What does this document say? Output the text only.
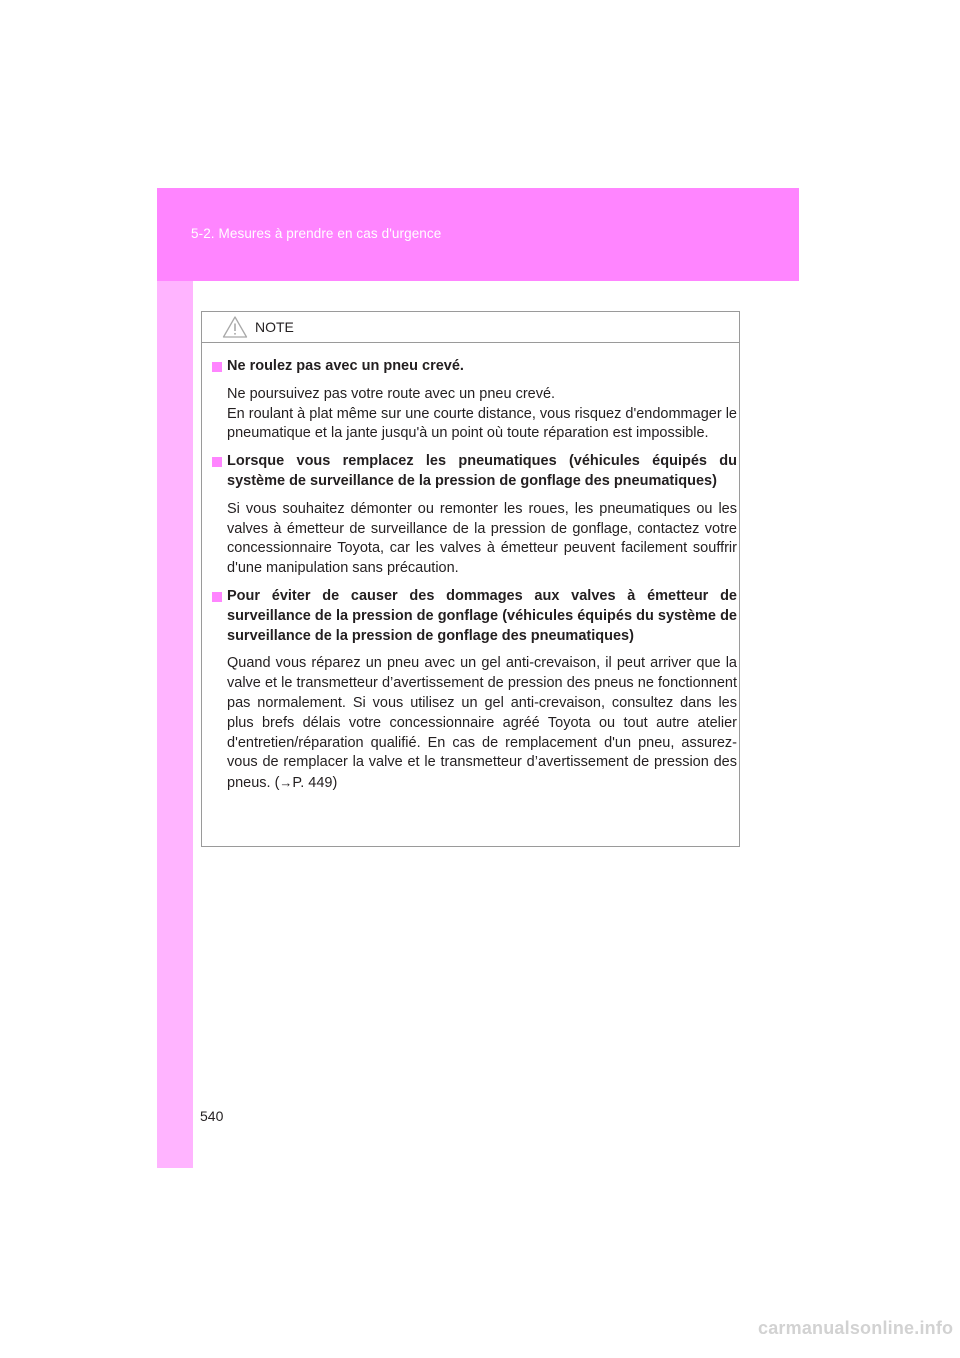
5-2. Mesures à prendre en cas d'urgence
NOTE
Ne roulez pas avec un pneu crevé.
Ne poursuivez pas votre route avec un pneu crevé.
En roulant à plat même sur une courte distance, vous risquez d'endommager le pneumatique et la jante jusqu'à un point où toute réparation est impossible.
Lorsque vous remplacez les pneumatiques (véhicules équipés du système de surveillance de la pression de gonflage des pneumatiques)
Si vous souhaitez démonter ou remonter les roues, les pneumatiques ou les valves à émetteur de surveillance de la pression de gonflage, contactez votre concessionnaire Toyota, car les valves à émetteur peuvent facilement souffrir d'une manipulation sans précaution.
Pour éviter de causer des dommages aux valves à émetteur de surveillance de la pression de gonflage (véhicules équipés du système de surveillance de la pression de gonflage des pneumatiques)
Quand vous réparez un pneu avec un gel anti-crevaison, il peut arriver que la valve et le transmetteur d’avertissement de pression des pneus ne fonctionnent pas normalement. Si vous utilisez un gel anti-crevaison, consultez dans les plus brefs délais votre concessionnaire agréé Toyota ou tout autre atelier d'entretien/réparation qualifié. En cas de remplacement d'un pneu, assurez-vous de remplacer la valve et le transmetteur d’avertissement de pression des pneus. (→P. 449)
540
carmanualsonline.info
